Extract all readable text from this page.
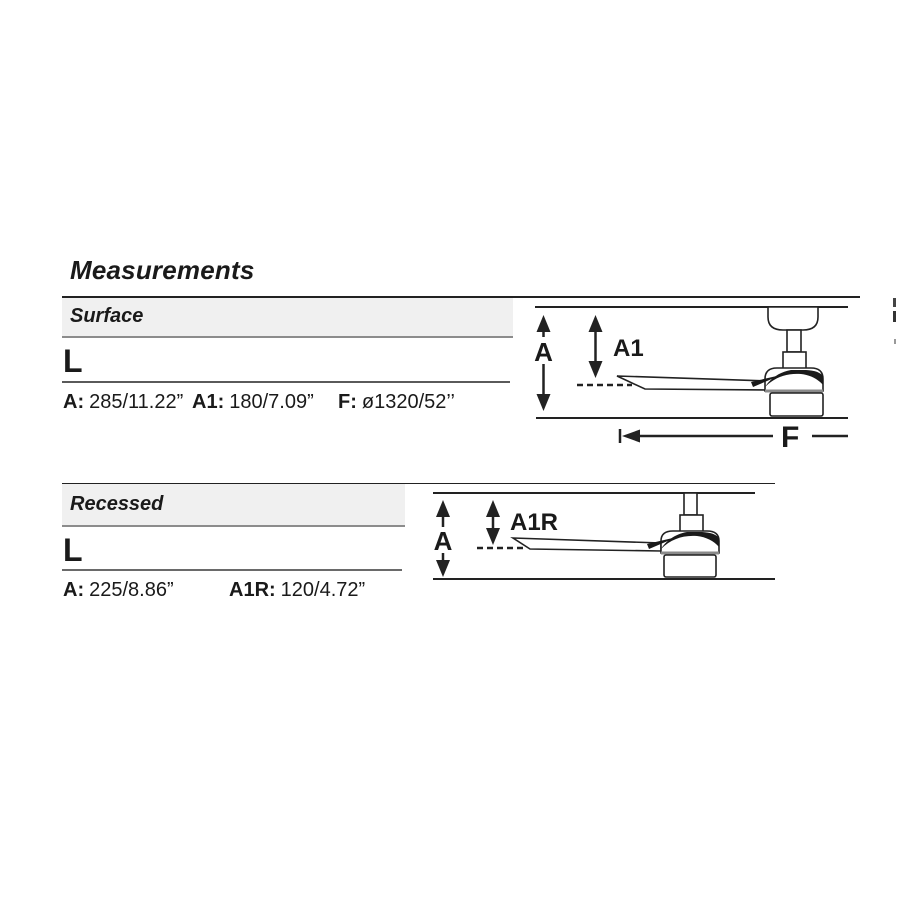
Measurements
Surface
L
A: 285/11.22” A1: 180/7.09” F: ø1320/52’’
A	A1
F
Recessed
L
A: 225/8.86”	A1R: 120/4.72”
A
A1R
